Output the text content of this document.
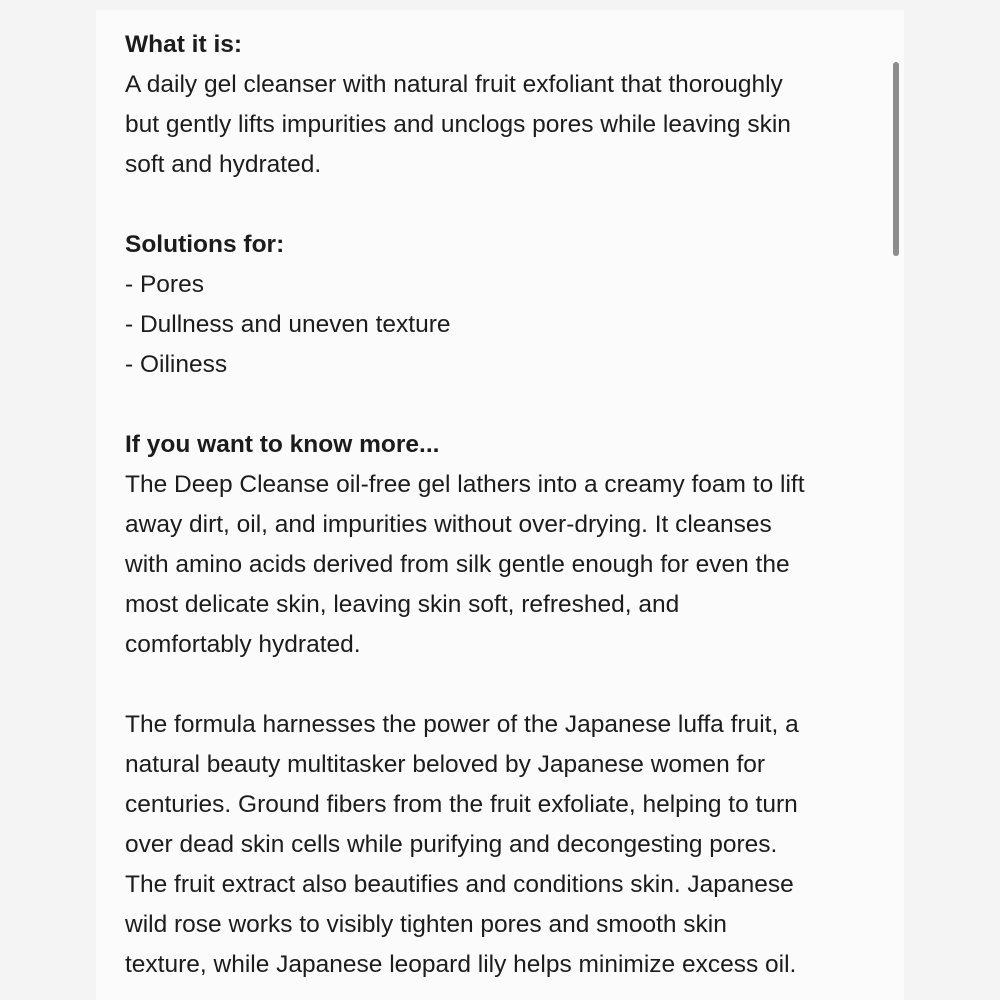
What it is:

A daily gel cleanser with natural fruit exfoliant that thoroughly

but gently lifts impurities and unclogs pores while leaving skin

soft and hydrated.

Solutions for:

- Pores

- Dullness and uneven texture

- Oiliness

If you want to know more...

The Deep Cleanse oil-free gel lathers into a creamy foam to lift

away dirt, oil, and impurities without over-drying. It cleanses

with amino acids derived from silk gentle enough for even the

most delicate skin, leaving skin soft, refreshed, and

comfortably hydrated.

The formula harnesses the power of the Japanese luffa fruit, a

natural beauty multitasker beloved by Japanese women for

centuries. Ground fibers from the fruit exfoliate, helping to turn

over dead skin cells while purifying and decongesting pores.

The fruit extract also beautifies and conditions skin. Japanese

wild rose works to visibly tighten pores and smooth skin

texture, while Japanese leopard lily helps minimize excess oil.
